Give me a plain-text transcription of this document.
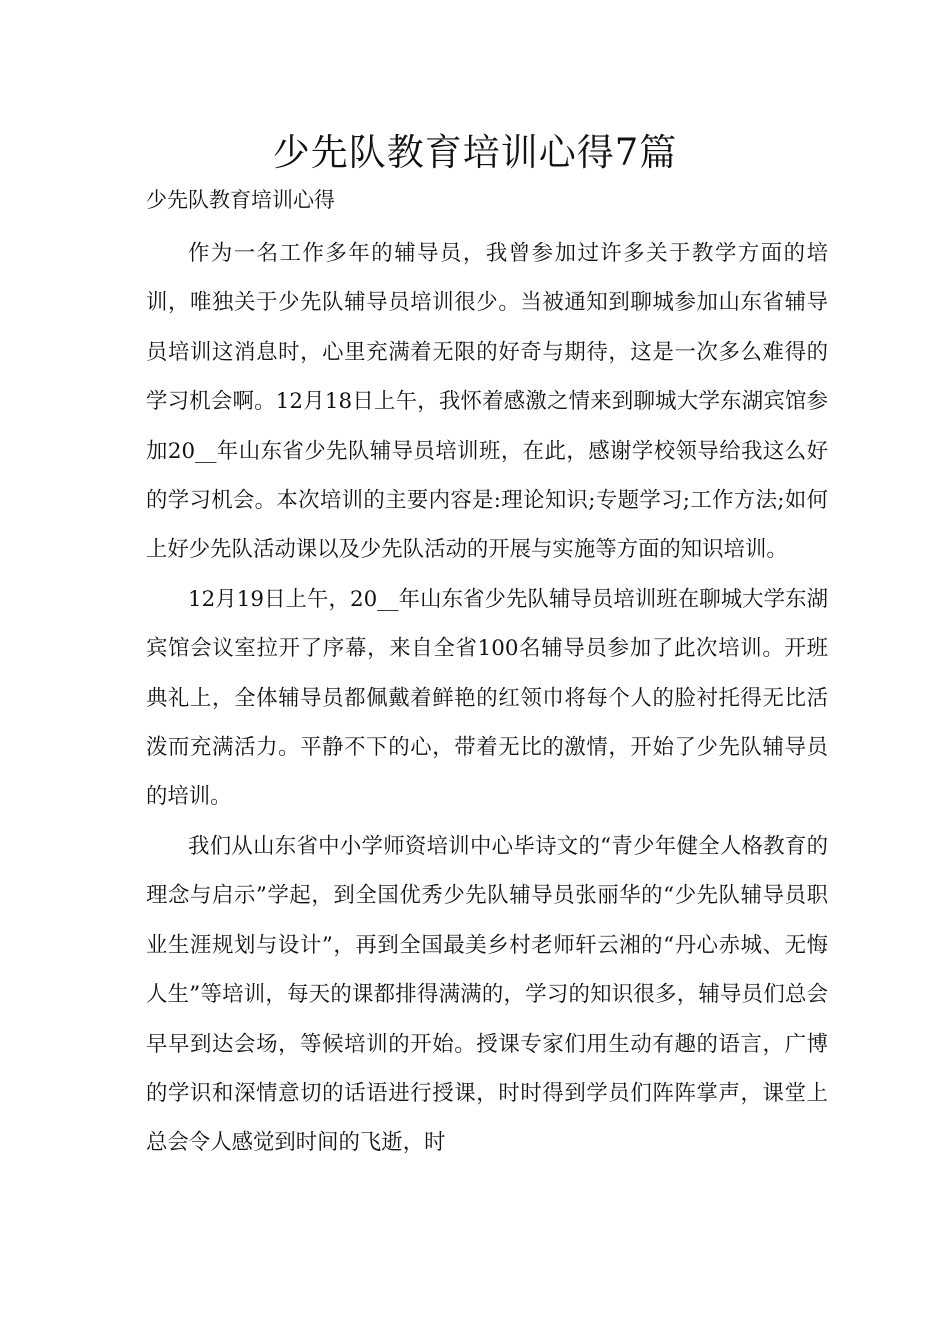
少先队教育培训心得7篇

少先队教育培训心得

作为一名工作多年的辅导员，我曾参加过许多关于教学方面的培训，唯独关于少先队辅导员培训很少。当被通知到聊城参加山东省辅导员培训这消息时，心里充满着无限的好奇与期待，这是一次多么难得的学习机会啊。12月18日上午，我怀着感激之情来到聊城大学东湖宾馆参加20__年山东省少先队辅导员培训班，在此，感谢学校领导给我这么好的学习机会。本次培训的主要内容是:理论知识;专题学习;工作方法;如何上好少先队活动课以及少先队活动的开展与实施等方面的知识培训。

12月19日上午，20__年山东省少先队辅导员培训班在聊城大学东湖宾馆会议室拉开了序幕，来自全省100名辅导员参加了此次培训。开班典礼上，全体辅导员都佩戴着鲜艳的红领巾将每个人的脸衬托得无比活泼而充满活力。平静不下的心，带着无比的激情，开始了少先队辅导员的培训。

我们从山东省中小学师资培训中心毕诗文的“青少年健全人格教育的理念与启示”学起，到全国优秀少先队辅导员张丽华的“少先队辅导员职业生涯规划与设计”，再到全国最美乡村老师轩云湘的“丹心赤城、无悔人生”等培训，每天的课都排得满满的，学习的知识很多，辅导员们总会早早到达会场，等候培训的开始。授课专家们用生动有趣的语言，广博的学识和深情意切的话语进行授课，时时得到学员们阵阵掌声，课堂上总会令人感觉到时间的飞逝，时
